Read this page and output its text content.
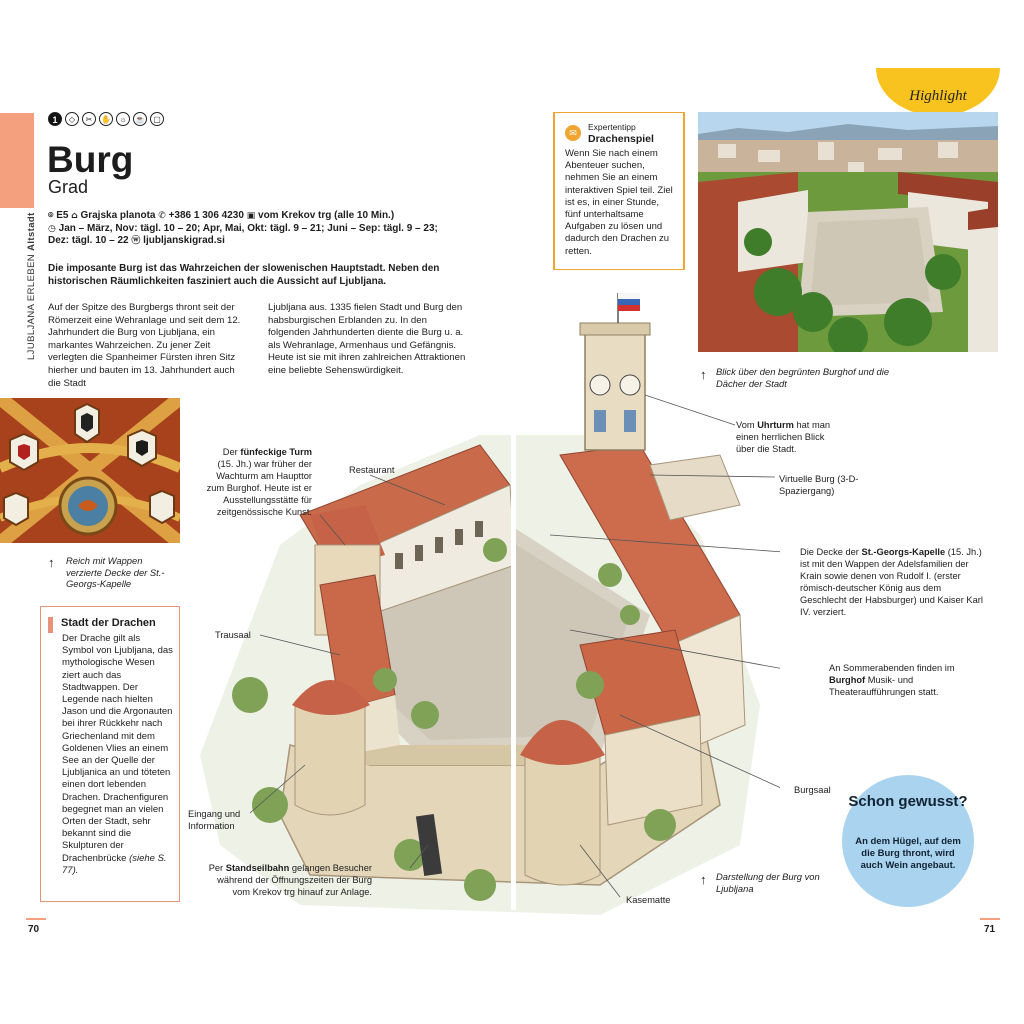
LJUBLJANA ERLEBEN Altstadt
1	◇	✂	✋	☼	☕	▢
Burg
Grad
⌾ E5 ⌂ Grajska planota ✆ +386 1 306 4230 ▣ vom Krekov trg (alle 10 Min.)
◷ Jan – März, Nov: tägl. 10 – 20; Apr, Mai, Okt: tägl. 9 – 21; Juni – Sep: tägl. 9 – 23; Dez: tägl. 10 – 22 ⓦ ljubljanskigrad.si
Die imposante Burg ist das Wahrzeichen der slowenischen Hauptstadt. Neben den historischen Räumlichkeiten fasziniert auch die Aussicht auf Ljubljana.
Auf der Spitze des Burgbergs thront seit der Römerzeit eine Wehranlage und seit dem 12. Jahrhundert die Burg von Ljubljana, ein markantes Wahrzeichen. Zu jener Zeit verlegten die Spanheimer Fürsten ihren Sitz hierher und bauten im 13. Jahrhundert auch die Stadt
Ljubljana aus. 1335 fielen Stadt und Burg den habsburgischen Erblanden zu. In den folgenden Jahrhunderten diente die Burg u. a. als Wehranlage, Armenhaus und Gefängnis. Heute ist sie mit ihren zahlreichen Attraktionen eine beliebte Sehenswürdigkeit.
↑ Reich mit Wappen verzierte Decke der St.-Georgs-Kapelle
Stadt der Drachen
Der Drache gilt als Symbol von Ljubljana, das mythologische Wesen ziert auch das Stadtwappen. Der Legende nach hielten Jason und die Argonauten bei ihrer Rückkehr nach Griechenland mit dem Goldenen Vlies an einem See an der Quelle der Ljubljanica an und töteten einen dort lebenden Drachen. Drachenfiguren begegnet man an vielen Orten der Stadt, sehr bekannt sind die Skulpturen der Drachenbrücke (siehe S. 77).
70
Highlight
✉
Expertentipp
Drachenspiel
Wenn Sie nach einem Abenteuer suchen, nehmen Sie an einem interaktiven Spiel teil. Ziel ist es, in einer Stunde, fünf unterhaltsame Aufgaben zu lösen und dadurch den Drachen zu retten.
↑ Blick über den begrünten Burghof und die Dächer der Stadt
Der fünfeckige Turm (15. Jh.) war früher der Wachturm am Haupttor zum Burghof. Heute ist er Ausstellungsstätte für zeitgenössische Kunst.
Restaurant
Trausaal
Eingang und Information
Per Standseilbahn gelangen Besucher während der Öffnungszeiten der Burg vom Krekov trg hinauf zur Anlage.
Vom Uhrturm hat man einen herrlichen Blick über die Stadt.
Virtuelle Burg (3-D-Spaziergang)
Die Decke der St.-Georgs-Kapelle (15. Jh.) ist mit den Wappen der Adelsfamilien der Krain sowie denen von Rudolf I. (erster römisch-deutscher König aus dem Geschlecht der Habsburger) und Kaiser Karl IV. verziert.
An Sommerabenden finden im Burghof Musik- und Theateraufführungen statt.
Burgsaal
Kasematte
↑ Darstellung der Burg von Ljubljana
Schon gewusst?
An dem Hügel, auf dem die Burg thront, wird auch Wein angebaut.
71
